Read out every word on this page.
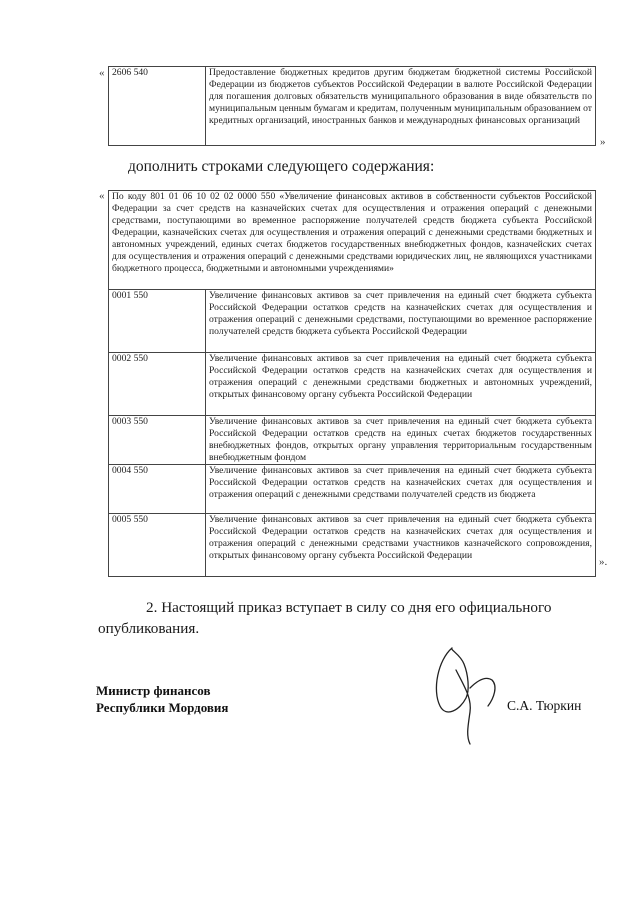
« 2606 540	Предоставление бюджетных кредитов другим бюджетам бюджетной системы Российской Федерации из бюджетов субъектов Российской Федерации в валюте Российской Федерации для погашения долговых обязательств муниципального образования в виде обязательств по муниципальным ценным бумагам и кредитам, полученным муниципальным образованием от кредитных организаций, иностранных банков и международных финансовых организаций
»
дополнить строками следующего содержания:
« По коду 801 01 06 10 02 02 0000 550 «Увеличение финансовых активов в собственности субъектов Российской Федерации за счет средств на казначейских счетах для осуществления и отражения операций с денежными средствами, поступающими во временное распоряжение получателей средств бюджета субъекта Российской Федерации, казначейских счетах для осуществления и отражения операций с денежными средствами бюджетных и автономных учреждений, единых счетах бюджетов государственных внебюджетных фондов, казначейских счетах для осуществления и отражения операций с денежными средствами юридических лиц, не являющихся участниками бюджетного процесса, бюджетными и автономными учреждениями»	
0001 550	Увеличение финансовых активов за счет привлечения на единый счет бюджета субъекта Российской Федерации остатков средств на казначейских счетах для осуществления и отражения операций с денежными средствами, поступающими во временное распоряжение получателей средств бюджета субъекта Российской Федерации
0002 550	Увеличение финансовых активов за счет привлечения на единый счет бюджета субъекта Российской Федерации остатков средств на казначейских счетах для осуществления и отражения операций с денежными средствами бюджетных и автономных учреждений, открытых финансовому органу субъекта Российской Федерации
0003 550	Увеличение финансовых активов за счет привлечения на единый счет бюджета субъекта Российской Федерации остатков средств на единых счетах бюджетов государственных внебюджетных фондов, открытых органу управления территориальным государственным внебюджетным фондом
0004 550	Увеличение финансовых активов за счет привлечения на единый счет бюджета субъекта Российской Федерации остатков средств на казначейских счетах для осуществления и отражения операций с денежными средствами получателей средств из бюджета
0005 550	Увеличение финансовых активов за счет привлечения на единый счет бюджета субъекта Российской Федерации остатков средств на казначейских счетах для осуществления и отражения операций с денежными средствами участников казначейского сопровождения, открытых финансовому органу субъекта Российской Федерации
».
2. Настоящий приказ вступает в силу со дня его официального
опубликования.
Министр финансов
Республики Мордовия	С.А. Тюркин
